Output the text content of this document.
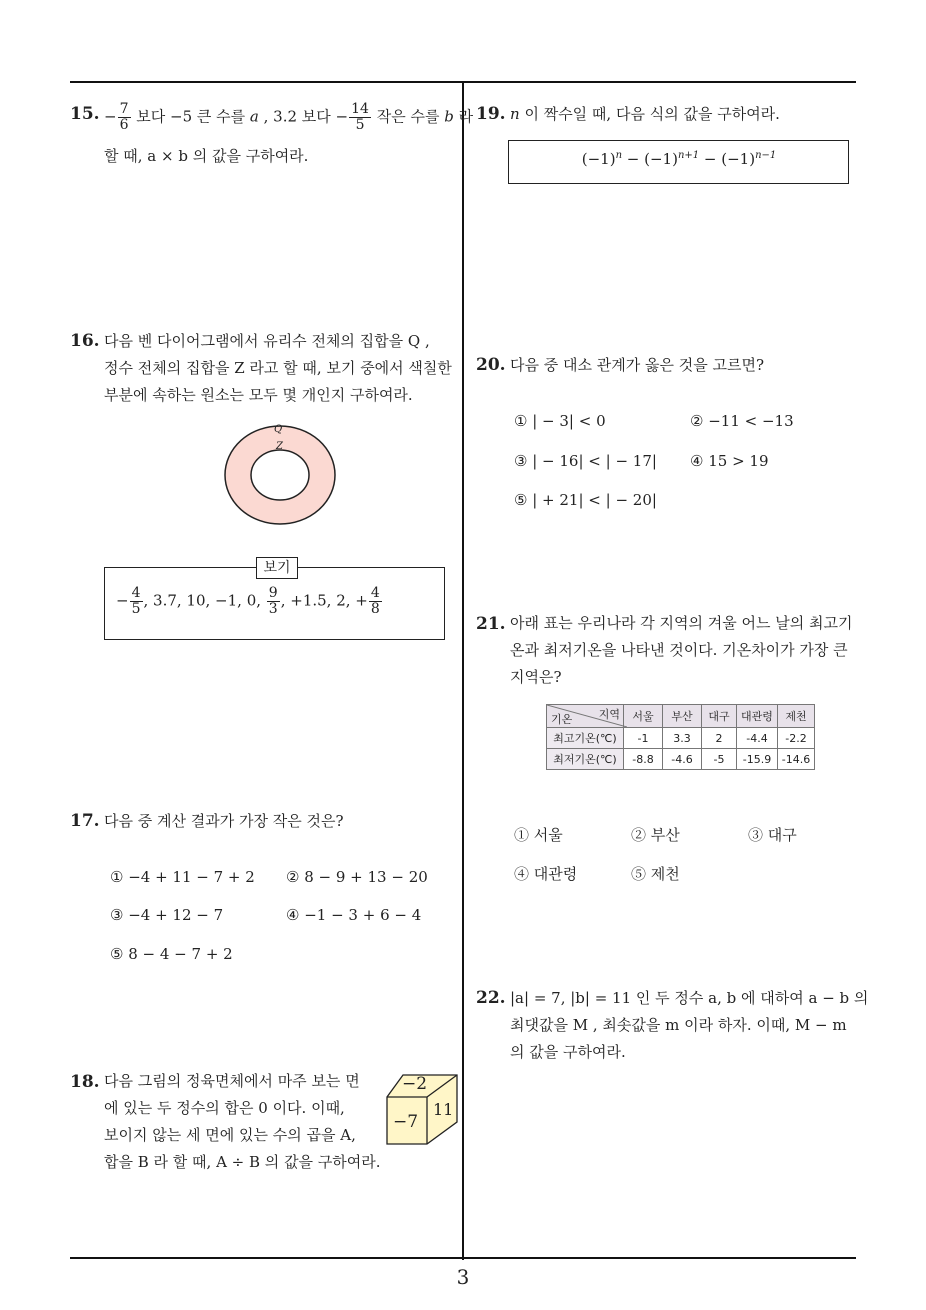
15. − $\frac{7}{6}$ 보다 −5 큰 수를 a , 3.2 보다 − $\frac{14}{5}$ 작은 수를 b 라
할 때, a × b 의 값을 구하여라.
16. 다음 벤 다이어그램에서 유리수 전체의 집합을 Q ,
정수 전체의 집합을 Z 라고 할 때, 보기 중에서 색칠한
부분에 속하는 원소는 모두 몇 개인지 구하여라.
Q
Z
보기
− $\frac{4}{5}$ , 3.7, 10, −1, 0, $\frac{9}{3}$ , +1.5, 2, + $\frac{4}{8}$
17. 다음 중 계산 결과가 가장 작은 것은?
① −4 + 11 − 7 + 2 ② 8 − 9 + 13 − 20
③ −4 + 12 − 7	④ −1 − 3 + 6 − 4
⑤ 8 − 4 − 7 + 2
18. 다음 그림의 정육면체에서 마주 보는 면
에 있는 두 정수의 합은 0 이다. 이때,
보이지 않는 세 면에 있는 수의 곱을 A,
합을 B 라 할 때, A ÷ B 의 값을 구하여라.
−2
−7
11
19. n 이 짝수일 때, 다음 식의 값을 구하여라.
$(-1)^n - (-1)^{n+1} - (-1)^{n-1}$
20. 다음 중 대소 관계가 옳은 것을 고르면?
① | − 3| < 0	② −11 < −13
③ | − 16| < | − 17| ④ 15 > 19
⑤ | + 21| < | − 20|
21. 아래 표는 우리나라 각 지역의 겨울 어느 날의 최고기
온과 최저기온을 나타낸 것이다. 기온차이가 가장 큰
지역은?
지역
기온	서울	부산	대구	대관령	제천
최고기온(℃)	-1	3.3	2	-4.4	-2.2
최저기온(℃)	-8.8	-4.6	-5	-15.9	-14.6
① 서울	② 부산	③ 대구
④ 대관령	⑤ 제천
22. |a| = 7, |b| = 11 인 두 정수 a, b 에 대하여 a − b 의
최댓값을 M , 최솟값을 m 이라 하자. 이때, M − m
의 값을 구하여라.
3
